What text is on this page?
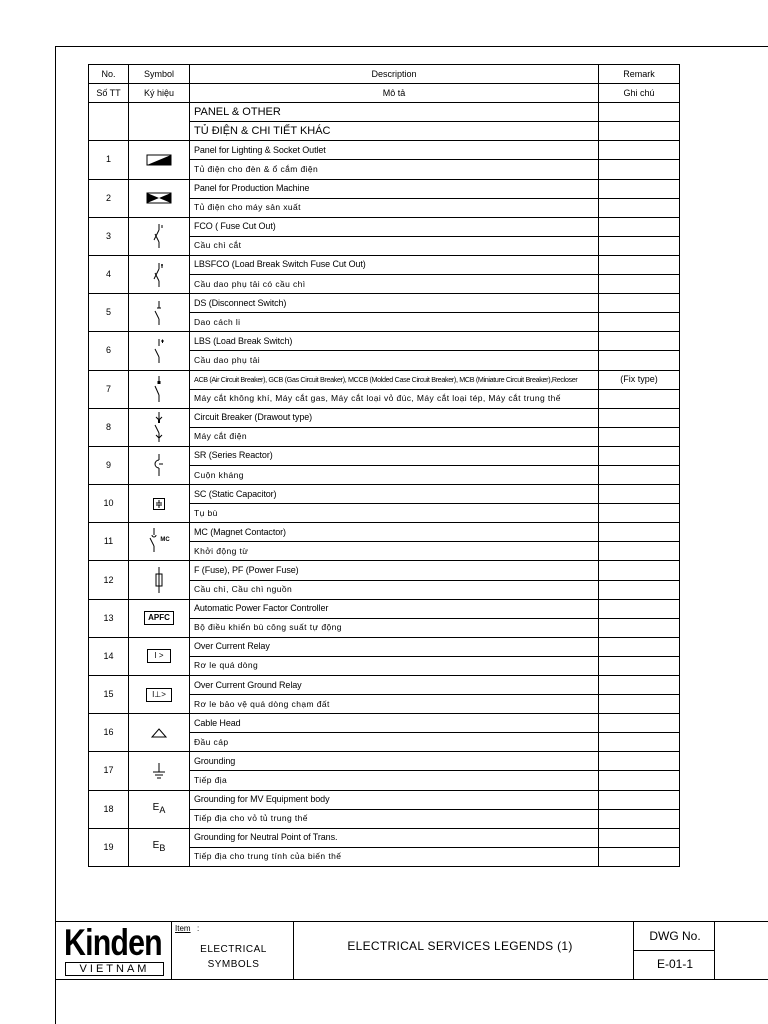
No.	Symbol	Description	Remark
Số TT	Ký hiệu	Mô tả	Ghi chú
		PANEL & OTHER	
		TỦ ĐIỆN & CHI TIẾT KHÁC	
1		Panel for Lighting & Socket Outlet	
		Tủ điện cho đèn & ổ cắm điện	
2		Panel for Production Machine	
		Tủ điện cho máy sản xuất	
3		FCO ( Fuse Cut Out)	
		Cầu chì cắt	
4		LBSFCO (Load Break Switch Fuse Cut Out)	
		Cầu dao phụ tải có cầu chì	
5		DS (Disconnect Switch)	
		Dao cách li	
6		LBS (Load Break Switch)	
		Cầu dao phụ tải	
7		ACB (Air Circuit Breaker), GCB (Gas Circuit Breaker), MCCB (Molded Case Circuit Breaker), MCB (Miniature Circuit Breaker),Recloser	(Fix type)
		Máy cắt không khí, Máy cắt gas, Máy cắt loại vỏ đúc, Máy cắt loại tép, Máy cắt trung thế	
8		Circuit Breaker (Drawout type)	
		Máy cắt điện	
9		SR (Series Reactor)	
		Cuộn kháng	
10		SC (Static Capacitor)	
		Tụ bù	
11	MC	MC (Magnet Contactor)	
		Khởi động từ	
12		F (Fuse), PF (Power Fuse)	
		Cầu chì, Cầu chì nguồn	
13	APFC	Automatic Power Factor Controller	
		Bộ điều khiển bù công suất tự động	
14	I >	Over Current Relay	
		Rơ le quá dòng	
15	I⊥>	Over Current Ground Relay	
		Rơ le bảo vệ quá dòng chạm đất	
16		Cable Head	
		Đầu cáp	
17		Grounding	
		Tiếp địa	
18	$E_A$	Grounding for MV Equipment body	
		Tiếp địa cho vỏ tủ trung thế	
19	$E_B$	Grounding for Neutral Point of Trans.	
		Tiếp địa cho trung tính của biến thế	
Kinden
VIETNAM
Item :
ELECTRICAL
SYMBOLS
ELECTRICAL SERVICES LEGENDS (1)
DWG No.
E-01-1
